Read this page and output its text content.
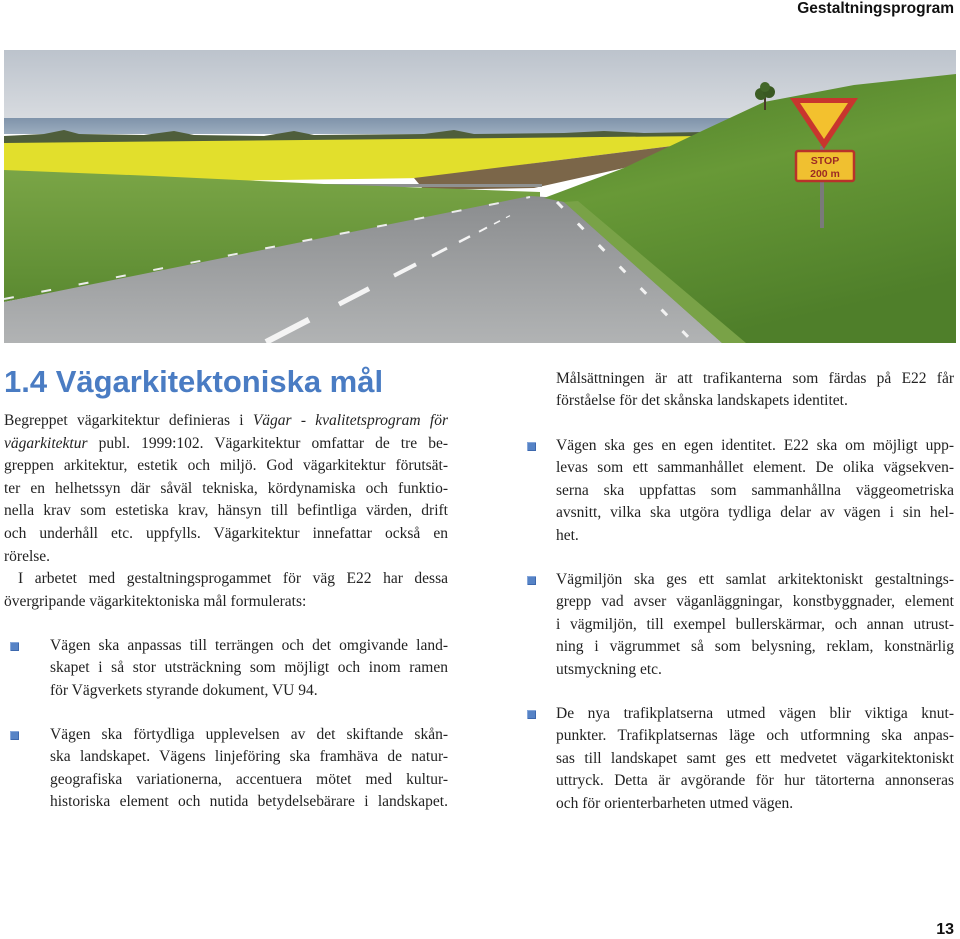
Gestaltningsprogram
STOP
200 m
1.4 Vägarkitektoniska mål
Begreppet vägarkitektur definieras i Vägar - kvalitetsprogram för
vägarkitektur publ. 1999:102. Vägarkitektur omfattar de tre be-
greppen arkitektur, estetik och miljö. God vägarkitektur förutsät-
ter en helhetssyn där såväl tekniska, kördynamiska och funktio-
nella krav som estetiska krav, hänsyn till befintliga värden, drift
och underhåll etc. uppfylls. Vägarkitektur innefattar också en
rörelse.
I arbetet med gestaltningsprogammet för väg E22 har dessa
övergripande vägarkitektoniska mål formulerats:
Vägen ska anpassas till terrängen och det omgivande land-
skapet i så stor utsträckning som möjligt och inom ramen
för Vägverkets styrande dokument, VU 94.
Vägen ska förtydliga upplevelsen av det skiftande skån-
ska landskapet. Vägens linjeföring ska framhäva de natur-
geografiska variationerna, accentuera mötet med kultur-
historiska element och nutida betydelsebärare i landskapet.
Målsättningen är att trafikanterna som färdas på E22 får
förståelse för det skånska landskapets identitet.
Vägen ska ges en egen identitet. E22 ska om möjligt upp-
levas som ett sammanhållet element. De olika vägsekven-
serna ska uppfattas som sammanhållna väggeometriska
avsnitt, vilka ska utgöra tydliga delar av vägen i sin hel-
het.
Vägmiljön ska ges ett samlat arkitektoniskt gestaltnings-
grepp vad avser väganläggningar, konstbyggnader, element
i vägmiljön, till exempel bullerskärmar, och annan utrust-
ning i vägrummet så som belysning, reklam, konstnärlig
utsmyckning etc.
De nya trafikplatserna utmed vägen blir viktiga knut-
punkter. Trafikplatsernas läge och utformning ska anpas-
sas till landskapet samt ges ett medvetet vägarkitektoniskt
uttryck. Detta är avgörande för hur tätorterna annonseras
och för orienterbarheten utmed vägen.
13
